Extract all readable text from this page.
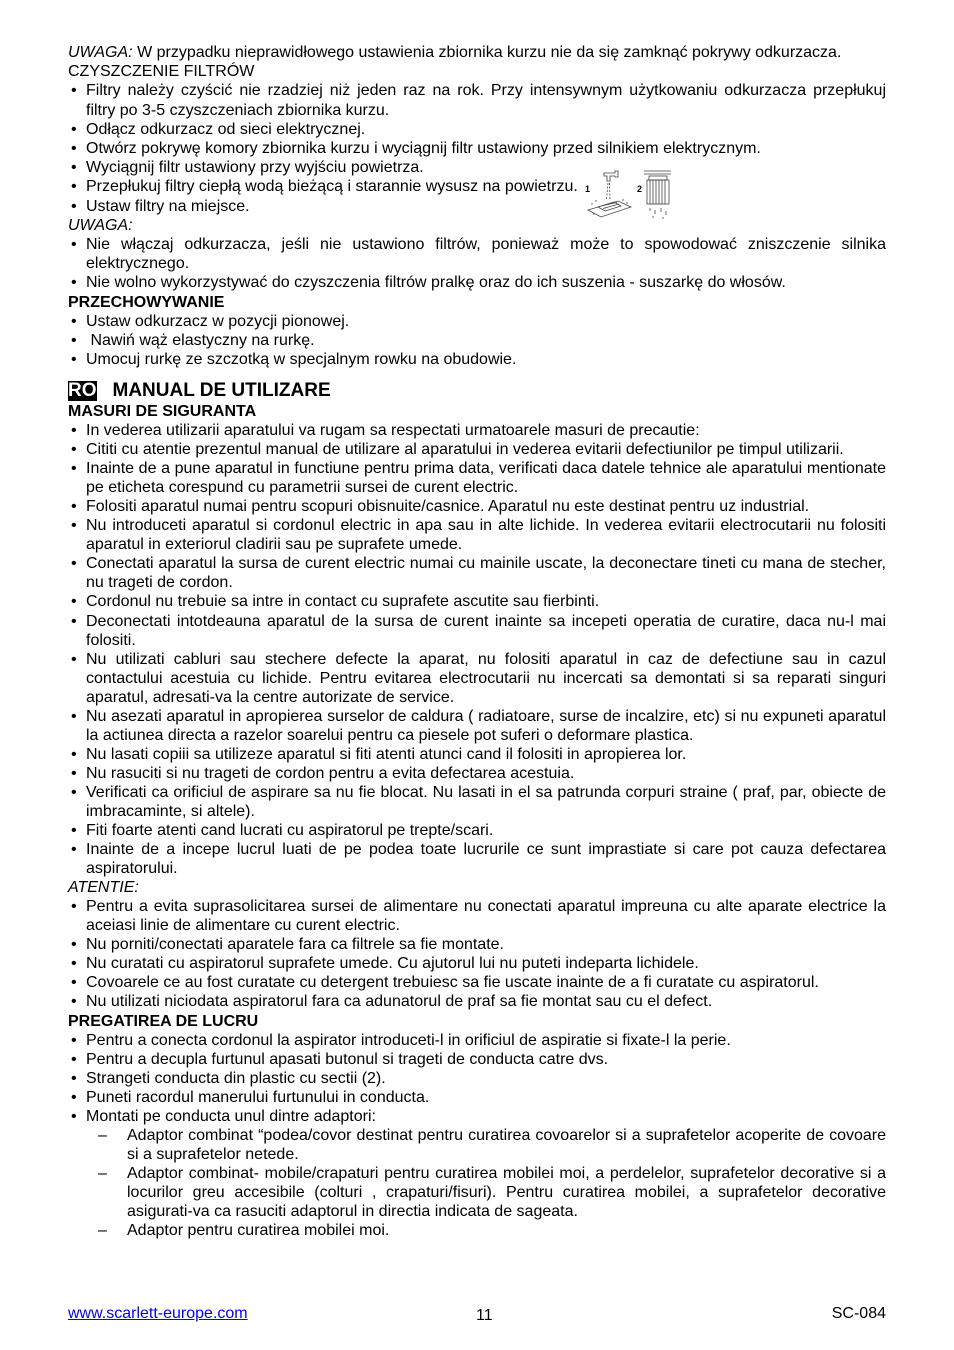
UWAGA: W przypadku nieprawidłowego ustawienia zbiornika kurzu nie da się zamknąć pokrywy odkurzacza.

CZYSZCZENIE FILTRÓW

• Filtry należy czyścić nie rzadziej niż jeden raz na rok. Przy intensywnym użytkowaniu odkurzacza przepłukuj
filtry po 3-5 czyszczeniach zbiornika kurzu.
• Odłącz odkurzacz od sieci elektrycznej.
• Otwórz pokrywę komory zbiornika kurzu i wyciągnij filtr ustawiony przed silnikiem elektrycznym.
• Wyciągnij filtr ustawiony przy wyjściu powietrza.
• Przepłukuj filtry ciepłą wodą bieżącą i starannie wysusz na powietrzu.
• Ustaw filtry na miejsce.

UWAGA:

• Nie włączaj odkurzacza, jeśli nie ustawiono filtrów, ponieważ może to spowodować zniszczenie silnika
elektrycznego.
• Nie wolno wykorzystywać do czyszczenia filtrów pralkę oraz do ich suszenia - suszarkę do włosów.

PRZECHOWYWANIE

• Ustaw odkurzacz w pozycji pionowej.
•  Nawiń wąż elastyczny na rurkę.
• Umocuj rurkę ze szczotką w specjalnym rowku na obudowie.
1	2
RO MANUAL DE UTILIZARE

MASURI DE SIGURANTA

• In vederea utilizarii aparatului va rugam sa respectati urmatoarele masuri de precautie:
• Cititi cu atentie prezentul manual de utilizare al aparatului in vederea evitarii defectiunilor pe timpul utilizarii.
• Inainte de a pune aparatul in functiune pentru prima data, verificati daca datele tehnice ale aparatului mentionate
pe eticheta corespund cu parametrii sursei de curent electric.
• Folositi aparatul numai pentru scopuri obisnuite/casnice. Aparatul nu este destinat pentru uz industrial.
• Nu introduceti aparatul si cordonul electric in apa sau in alte lichide. In vederea evitarii electrocutarii nu folositi
aparatul in exteriorul cladirii sau pe suprafete umede.
• Conectati aparatul la sursa de curent electric numai cu mainile uscate, la deconectare tineti cu mana de stecher,
nu trageti de cordon.
• Cordonul nu trebuie sa intre in contact cu suprafete ascutite sau fierbinti.
• Deconectati intotdeauna aparatul de la sursa de curent inainte sa incepeti operatia de curatire, daca nu-l mai
folositi.
• Nu utilizati cabluri sau stechere defecte la aparat, nu folositi aparatul in caz de defectiune sau in cazul
contactului acestuia cu lichide. Pentru evitarea electrocutarii nu incercati sa demontati si sa reparati singuri
aparatul, adresati-va la centre autorizate de service.
• Nu asezati aparatul in apropierea surselor de caldura ( radiatoare, surse de incalzire, etc) si nu expuneti aparatul
la actiunea directa a razelor soarelui pentru ca piesele pot suferi o deformare plastica.
• Nu lasati copiii sa utilizeze aparatul si fiti atenti atunci cand il folositi in apropierea lor.
• Nu rasuciti si nu trageti de cordon pentru a evita defectarea acestuia.
• Verificati ca orificiul de aspirare sa nu fie blocat. Nu lasati in el sa patrunda corpuri straine ( praf, par, obiecte de
imbracaminte, si altele).
• Fiti foarte atenti cand lucrati cu aspiratorul pe trepte/scari.
• Inainte de a incepe lucrul luati de pe podea toate lucrurile ce sunt imprastiate si care pot cauza defectarea
aspiratorului.

ATENTIE:

• Pentru a evita suprasolicitarea sursei de alimentare nu conectati aparatul impreuna cu alte aparate electrice la
aceiasi linie de alimentare cu curent electric.
• Nu porniti/conectati aparatele fara ca filtrele sa fie montate.
• Nu curatati cu aspiratorul suprafete umede. Cu ajutorul lui nu puteti indeparta lichidele.
• Covoarele ce au fost curatate cu detergent trebuiesc sa fie uscate inainte de a fi curatate cu aspiratorul.
• Nu utilizati niciodata aspiratorul fara ca adunatorul de praf sa fie montat sau cu el defect.

PREGATIREA DE LUCRU

• Pentru a conecta cordonul la aspirator introduceti-l in orificiul de aspiratie si fixate-l la perie.
• Pentru a decupla furtunul apasati butonul si trageti de conducta catre dvs.
• Strangeti conducta din plastic cu sectii (2).
• Puneti racordul manerului furtunului in conducta.
• Montati pe conducta unul dintre adaptori:
– Adaptor combinat “podea/covor destinat pentru curatirea covoarelor si a suprafetelor acoperite de covoare
si a suprafetelor netede.
– Adaptor combinat- mobile/crapaturi pentru curatirea mobilei moi, a perdelelor, suprafetelor decorative si a
locurilor greu accesibile (colturi , crapaturi/fisuri). Pentru curatirea mobilei, a suprafetelor decorative
asigurati-va ca rasuciti adaptorul in directia indicata de sageata.
– Adaptor pentru curatirea mobilei moi.
www.scarlett-europe.com	11	SC-084
